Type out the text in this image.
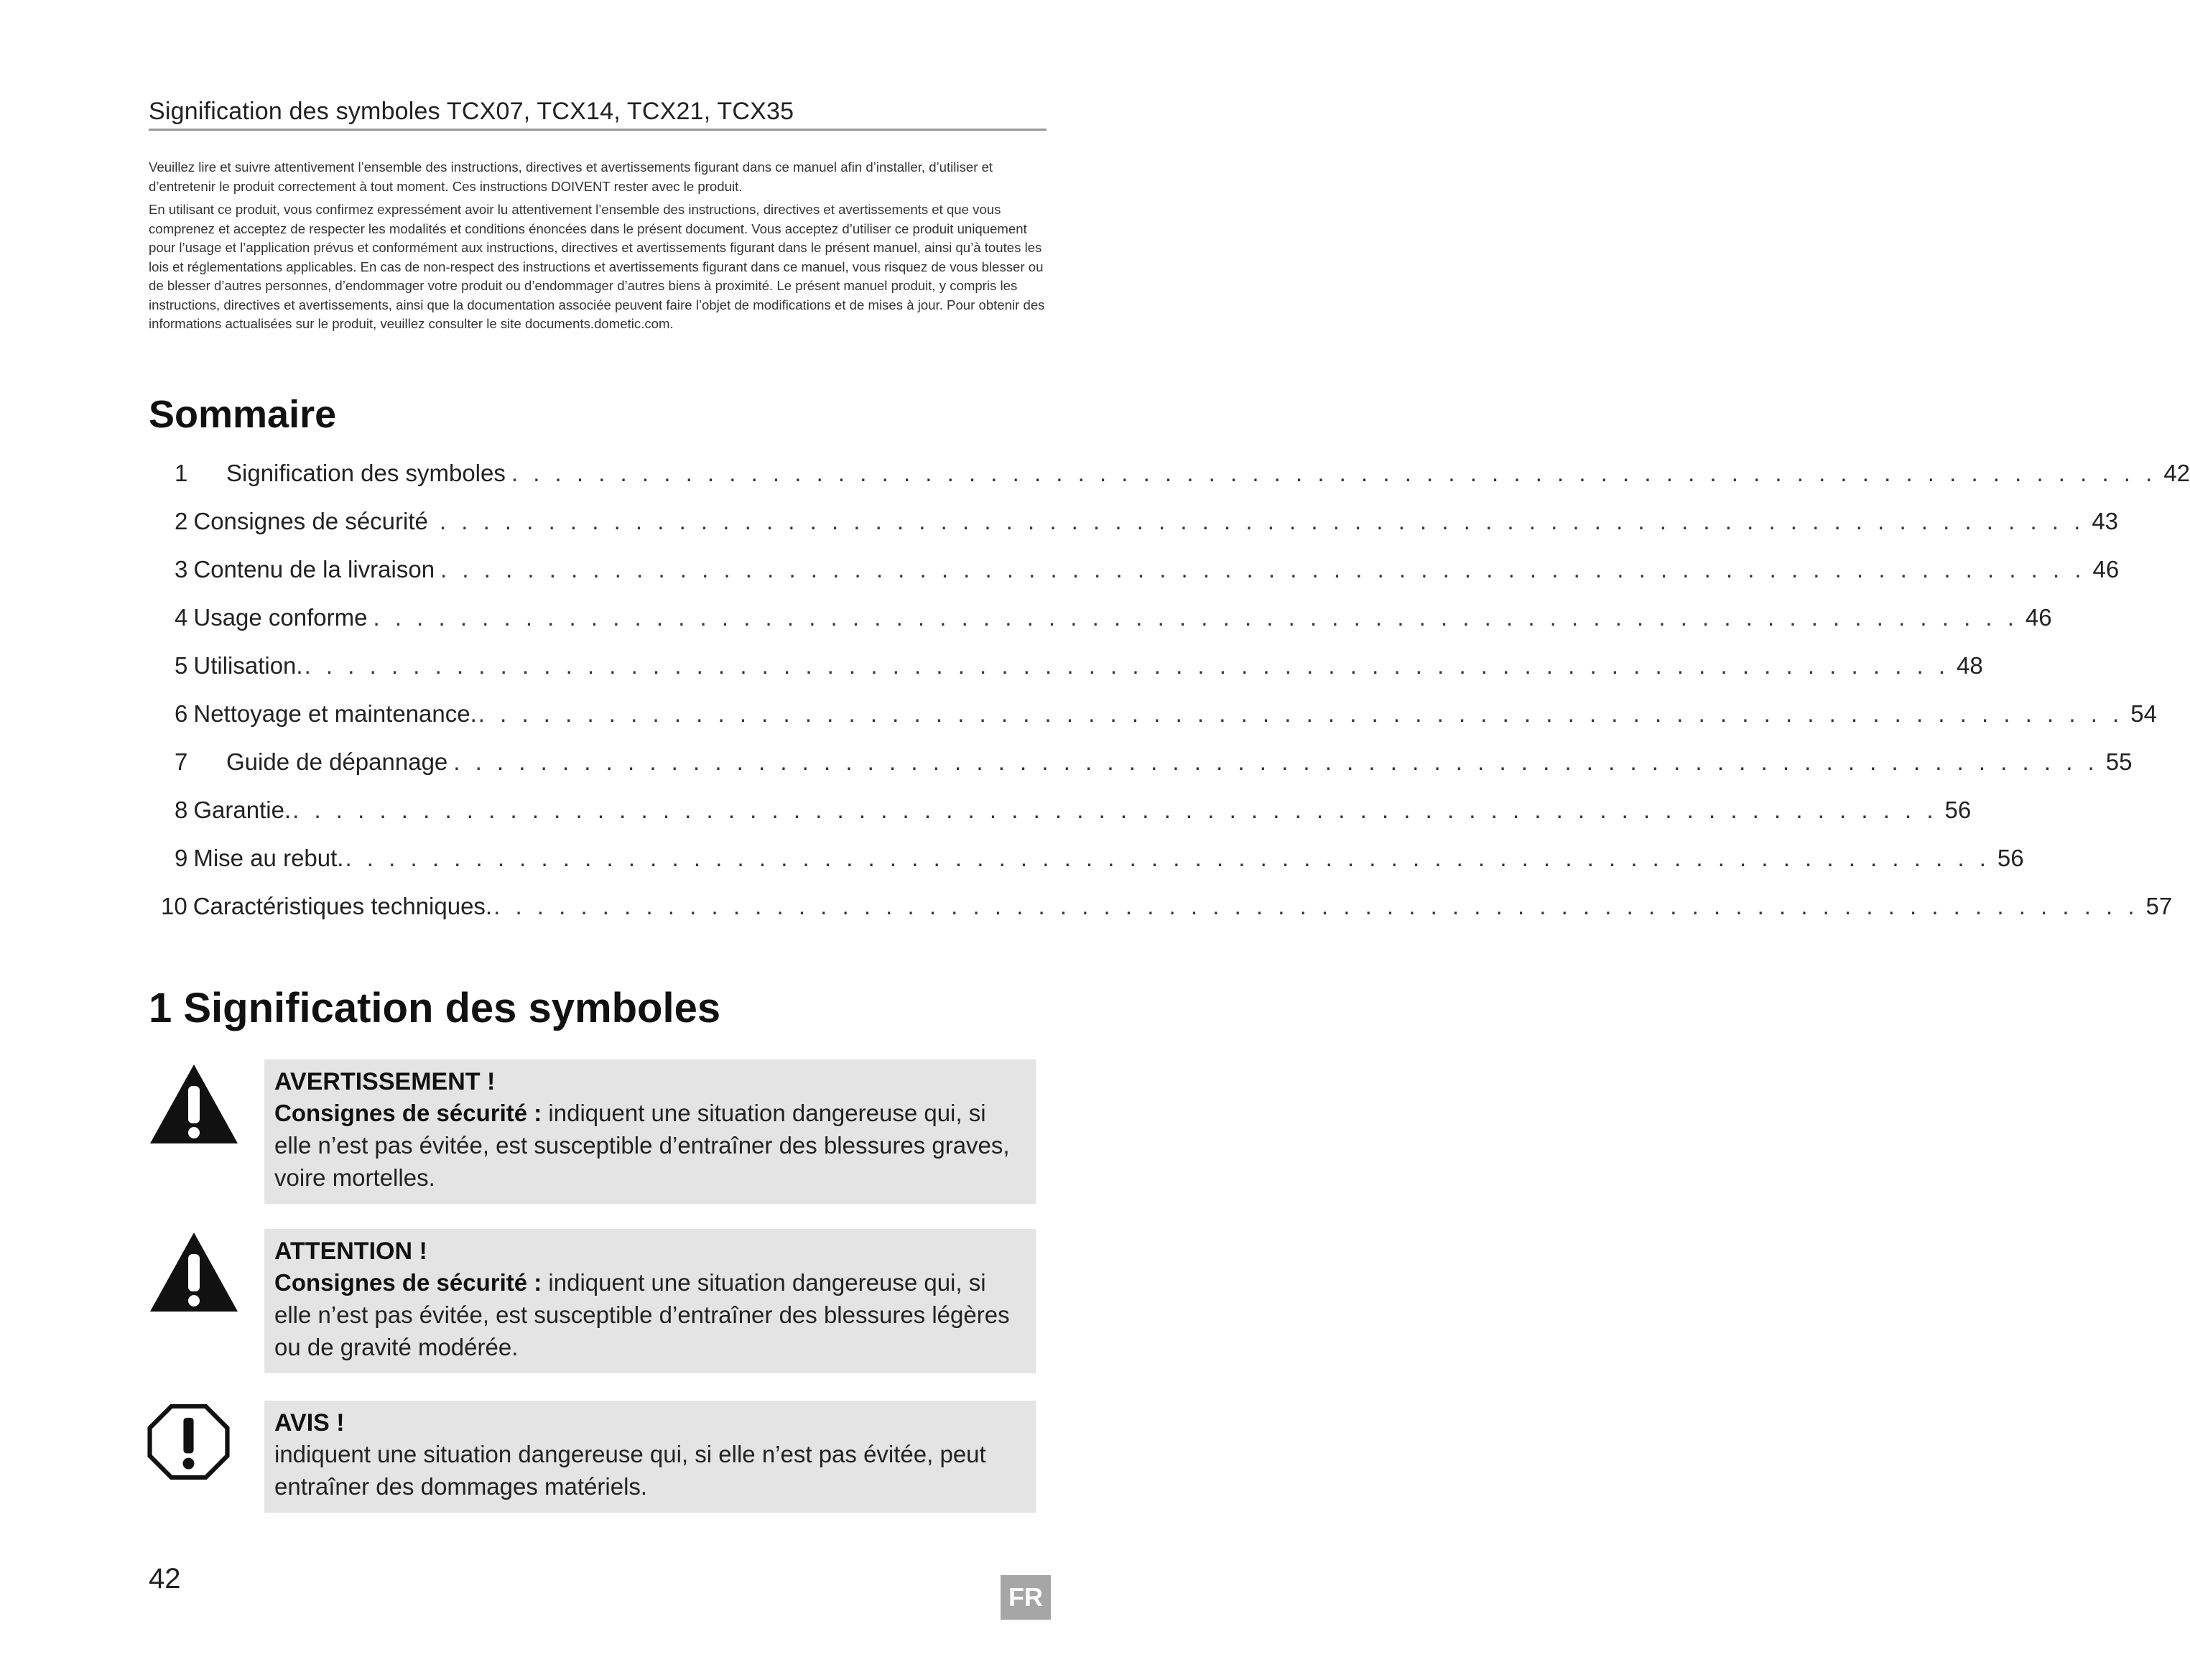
Signification des symboles TCX07, TCX14, TCX21, TCX35

Veuillez lire et suivre attentivement l’ensemble des instructions, directives et avertissements figurant dans ce manuel afin d’installer, d’utiliser et d’entretenir le produit correctement à tout moment. Ces instructions DOIVENT rester avec le produit.

En utilisant ce produit, vous confirmez expressément avoir lu attentivement l’ensemble des instructions, directives et avertissements et que vous comprenez et acceptez de respecter les modalités et conditions énoncées dans le présent document. Vous acceptez d’utiliser ce produit uniquement pour l’usage et l’application prévus et conformément aux instructions, directives et avertissements figurant dans le présent manuel, ainsi qu’à toutes les lois et réglementations applicables. En cas de non-respect des instructions et avertissements figurant dans ce manuel, vous risquez de vous blesser ou de blesser d’autres personnes, d’endommager votre produit ou d’endommager d’autres biens à proximité. Le présent manuel produit, y compris les instructions, directives et avertissements, ainsi que la documentation associée peuvent faire l’objet de modifications et de mises à jour. Pour obtenir des informations actualisées sur le produit, veuillez consulter le site documents.dometic.com.

Sommaire
1	Signification des symboles . . . . . . . . . . . . . . . . . . . . . . . . . . . . . . . . . . . . . . . . . . . . . . . . . . . . . . . . . . . . . . . . . . . . . . . . . . . . 42
2 Consignes de sécurité . . . . . . . . . . . . . . . . . . . . . . . . . . . . . . . . . . . . . . . . . . . . . . . . . . . . . . . . . . . . . . . . . . . . . . . . . . . . 43
3 Contenu de la livraison . . . . . . . . . . . . . . . . . . . . . . . . . . . . . . . . . . . . . . . . . . . . . . . . . . . . . . . . . . . . . . . . . . . . . . . . . . . . 46
4 Usage conforme . . . . . . . . . . . . . . . . . . . . . . . . . . . . . . . . . . . . . . . . . . . . . . . . . . . . . . . . . . . . . . . . . . . . . . . . . . . . 46
5 Utilisation. . . . . . . . . . . . . . . . . . . . . . . . . . . . . . . . . . . . . . . . . . . . . . . . . . . . . . . . . . . . . . . . . . . . . . . . . . . . . 48
6 Nettoyage et maintenance. . . . . . . . . . . . . . . . . . . . . . . . . . . . . . . . . . . . . . . . . . . . . . . . . . . . . . . . . . . . . . . . . . . . . . . . . . . . . 54
7	Guide de dépannage . . . . . . . . . . . . . . . . . . . . . . . . . . . . . . . . . . . . . . . . . . . . . . . . . . . . . . . . . . . . . . . . . . . . . . . . . . . . 55
8 Garantie. . . . . . . . . . . . . . . . . . . . . . . . . . . . . . . . . . . . . . . . . . . . . . . . . . . . . . . . . . . . . . . . . . . . . . . . . . . . . 56
9 Mise au rebut. . . . . . . . . . . . . . . . . . . . . . . . . . . . . . . . . . . . . . . . . . . . . . . . . . . . . . . . . . . . . . . . . . . . . . . . . . . . . 56
10 Caractéristiques techniques. . . . . . . . . . . . . . . . . . . . . . . . . . . . . . . . . . . . . . . . . . . . . . . . . . . . . . . . . . . . . . . . . . . . . . . . . . . . . 57
1 Signification des symboles
AVERTISSEMENT !
Consignes de sécurité : indiquent une situation dangereuse qui, si elle n’est pas évitée, est susceptible d’entraîner des blessures graves, voire mortelles.
ATTENTION !
Consignes de sécurité : indiquent une situation dangereuse qui, si elle n’est pas évitée, est susceptible d’entraîner des blessures légères ou de gravité modérée.
AVIS !
indiquent une situation dangereuse qui, si elle n’est pas évitée, peut entraîner des dommages matériels.
42
FR
